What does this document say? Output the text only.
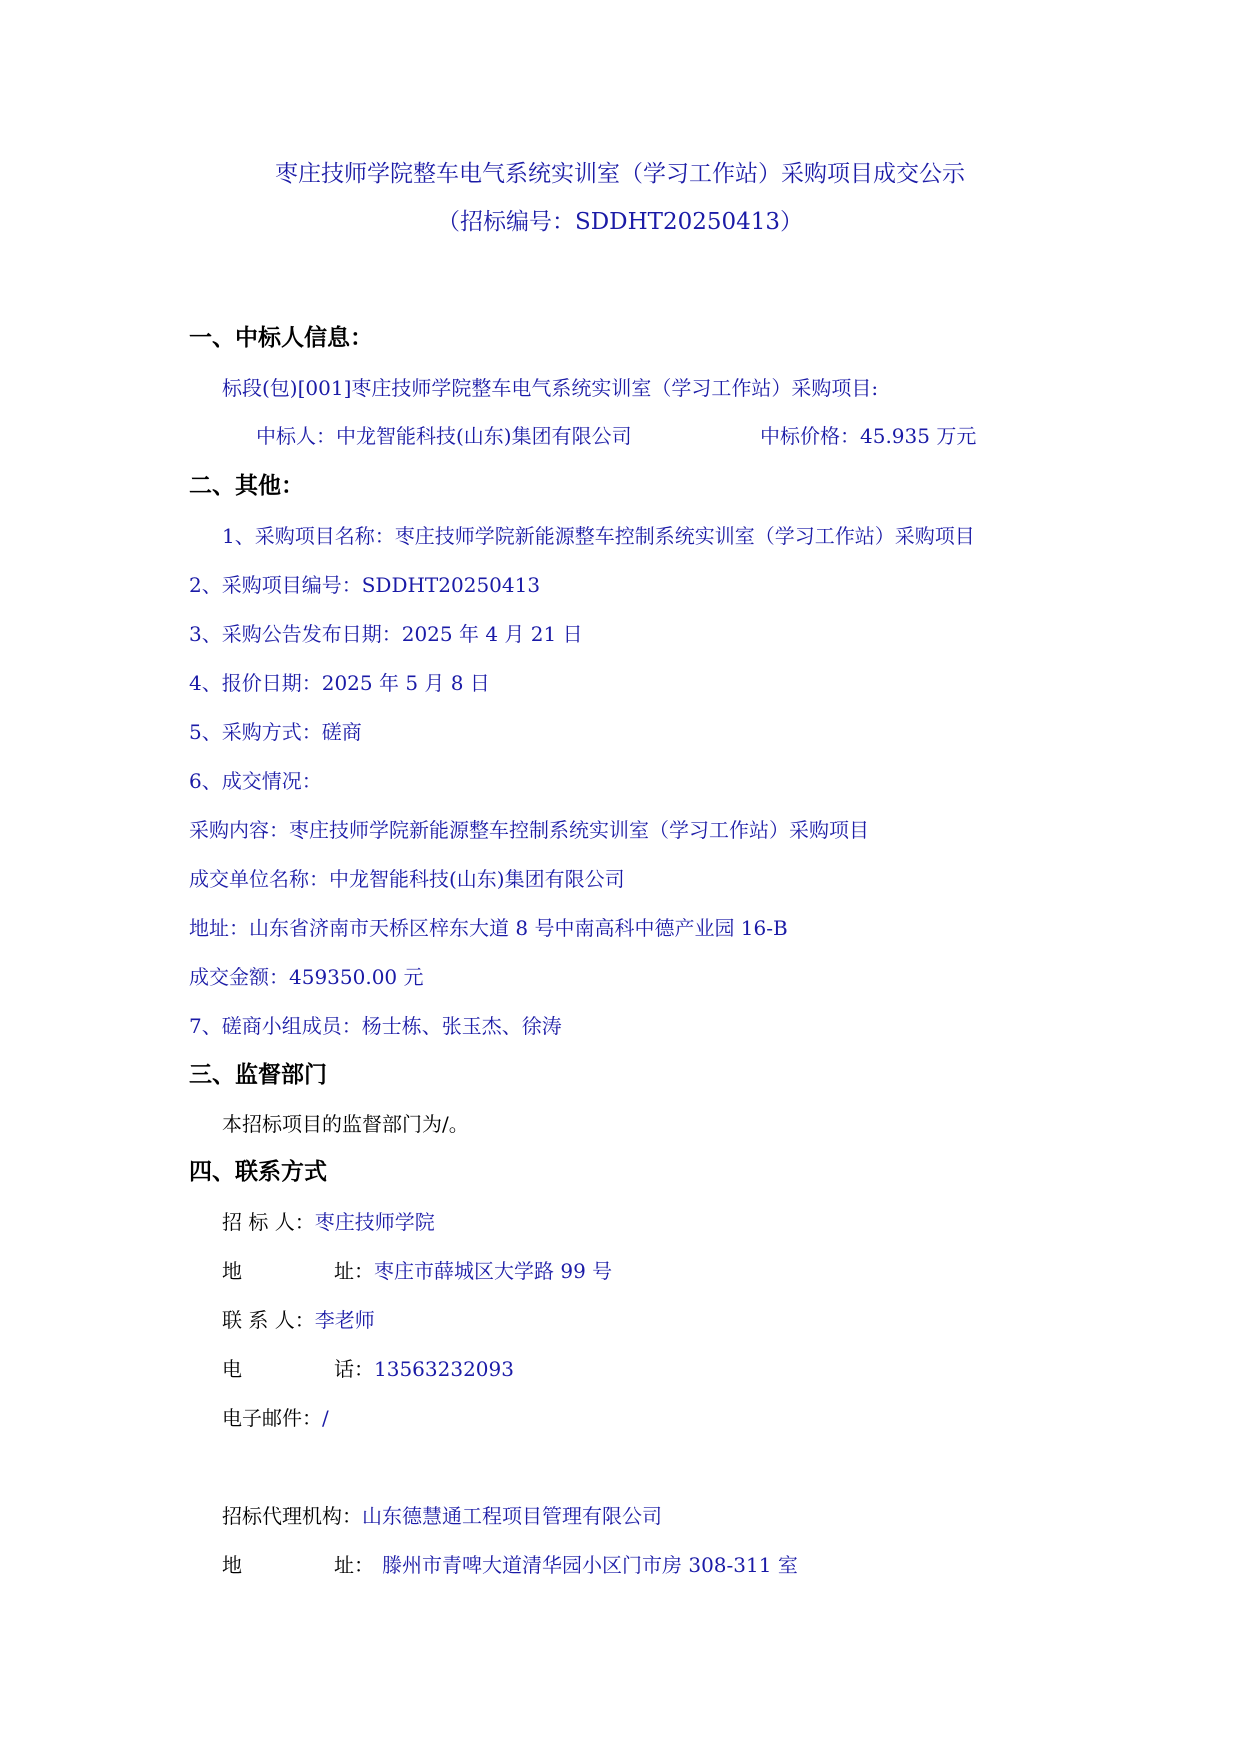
枣庄技师学院整车电气系统实训室（学习工作站）采购项目成交公示
（招标编号：SDDHT20250413）
一、中标人信息：
标段(包)[001]枣庄技师学院整车电气系统实训室（学习工作站）采购项目:
中标人：中龙智能科技(山东)集团有限公司	中标价格：45.935 万元
二、其他：
1、采购项目名称：枣庄技师学院新能源整车控制系统实训室（学习工作站）采购项目
2、采购项目编号：SDDHT20250413
3、采购公告发布日期：2025 年 4 月 21 日
4、报价日期：2025 年 5 月 8 日
5、采购方式：磋商
6、成交情况：
采购内容：枣庄技师学院新能源整车控制系统实训室（学习工作站）采购项目
成交单位名称：中龙智能科技(山东)集团有限公司
地址：山东省济南市天桥区梓东大道 8 号中南高科中德产业园 16-B
成交金额：459350.00 元
7、磋商小组成员：杨士栋、张玉杰、徐涛
三、监督部门
本招标项目的监督部门为/。
四、联系方式
招 标 人：枣庄技师学院
地	址：枣庄市薛城区大学路 99 号
联 系 人：李老师
电	话：13563232093
电子邮件：/
招标代理机构：山东德慧通工程项目管理有限公司
地	址： 滕州市青啤大道清华园小区门市房 308-311 室
